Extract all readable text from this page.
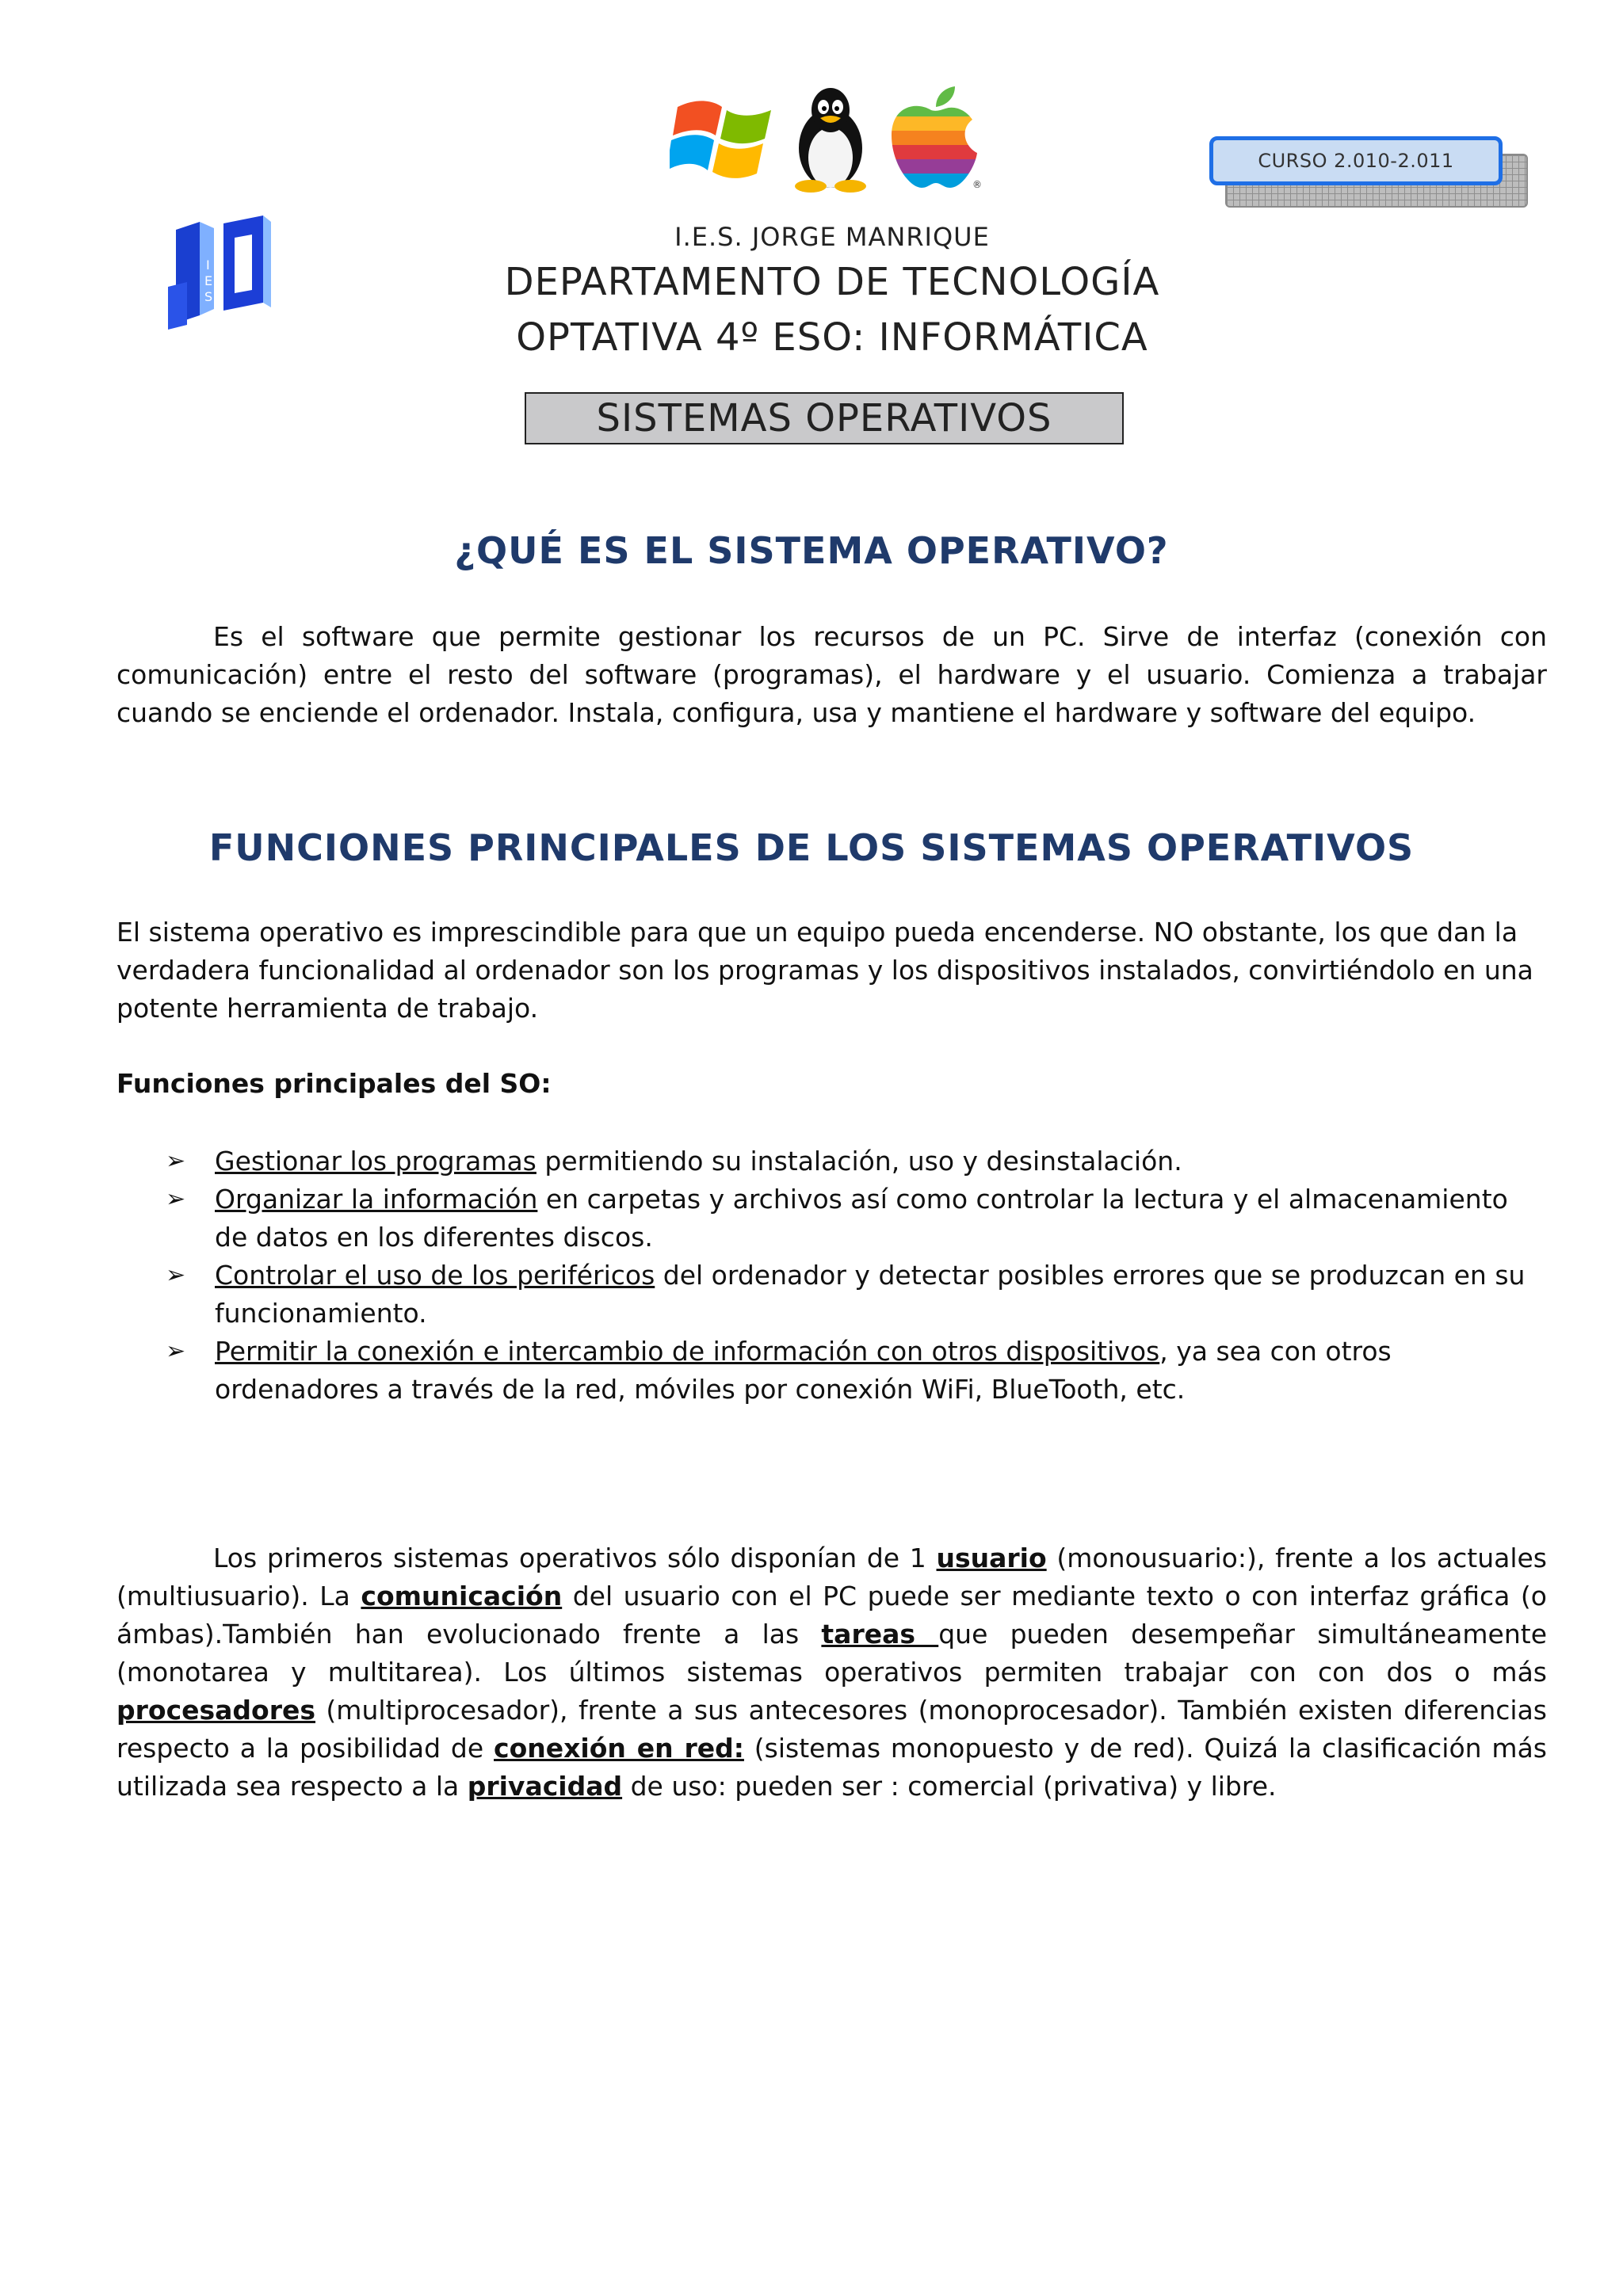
I
E
S
®
CURSO 2.010-2.011
I.E.S. JORGE MANRIQUE
DEPARTAMENTO DE TECNOLOGÍA
OPTATIVA 4º ESO: INFORMÁTICA
SISTEMAS OPERATIVOS
¿QUÉ ES EL SISTEMA OPERATIVO?
Es el software que permite gestionar los recursos de un PC. Sirve de interfaz (conexión con comunicación) entre el resto del software (programas), el hardware y el usuario. Comienza a trabajar cuando se enciende el ordenador. Instala, configura, usa y mantiene el hardware y software del equipo.
FUNCIONES PRINCIPALES DE LOS SISTEMAS OPERATIVOS
El sistema operativo es imprescindible para que un equipo pueda encenderse. NO obstante, los que dan la verdadera funcionalidad al ordenador son los programas y los dispositivos instalados, convirtiéndolo en una potente herramienta de trabajo.
Funciones principales del SO:
➢ Gestionar los programas permitiendo su instalación, uso y desinstalación.
➢ Organizar la información en carpetas y archivos así como controlar la lectura y el almacenamiento de datos en los diferentes discos.
➢ Controlar el uso de los periféricos del ordenador y detectar posibles errores que se produzcan en su funcionamiento.
➢ Permitir la conexión e intercambio de información con otros dispositivos, ya sea con otros ordenadores a través de la red, móviles por conexión WiFi, BlueTooth, etc.
Los primeros sistemas operativos sólo disponían de 1 usuario (monousuario:), frente a los actuales (multiusuario). La comunicación del usuario con el PC puede ser mediante texto o con interfaz gráfica (o ámbas).También han evolucionado frente a las tareas que pueden desempeñar simultáneamente (monotarea y multitarea). Los últimos sistemas operativos permiten trabajar con con dos o más procesadores (multiprocesador), frente a sus antecesores (monoprocesador). También existen diferencias respecto a la posibilidad de conexión en red: (sistemas monopuesto y de red). Quizá la clasificación más utilizada sea respecto a la privacidad de uso: pueden ser : comercial (privativa) y libre.
